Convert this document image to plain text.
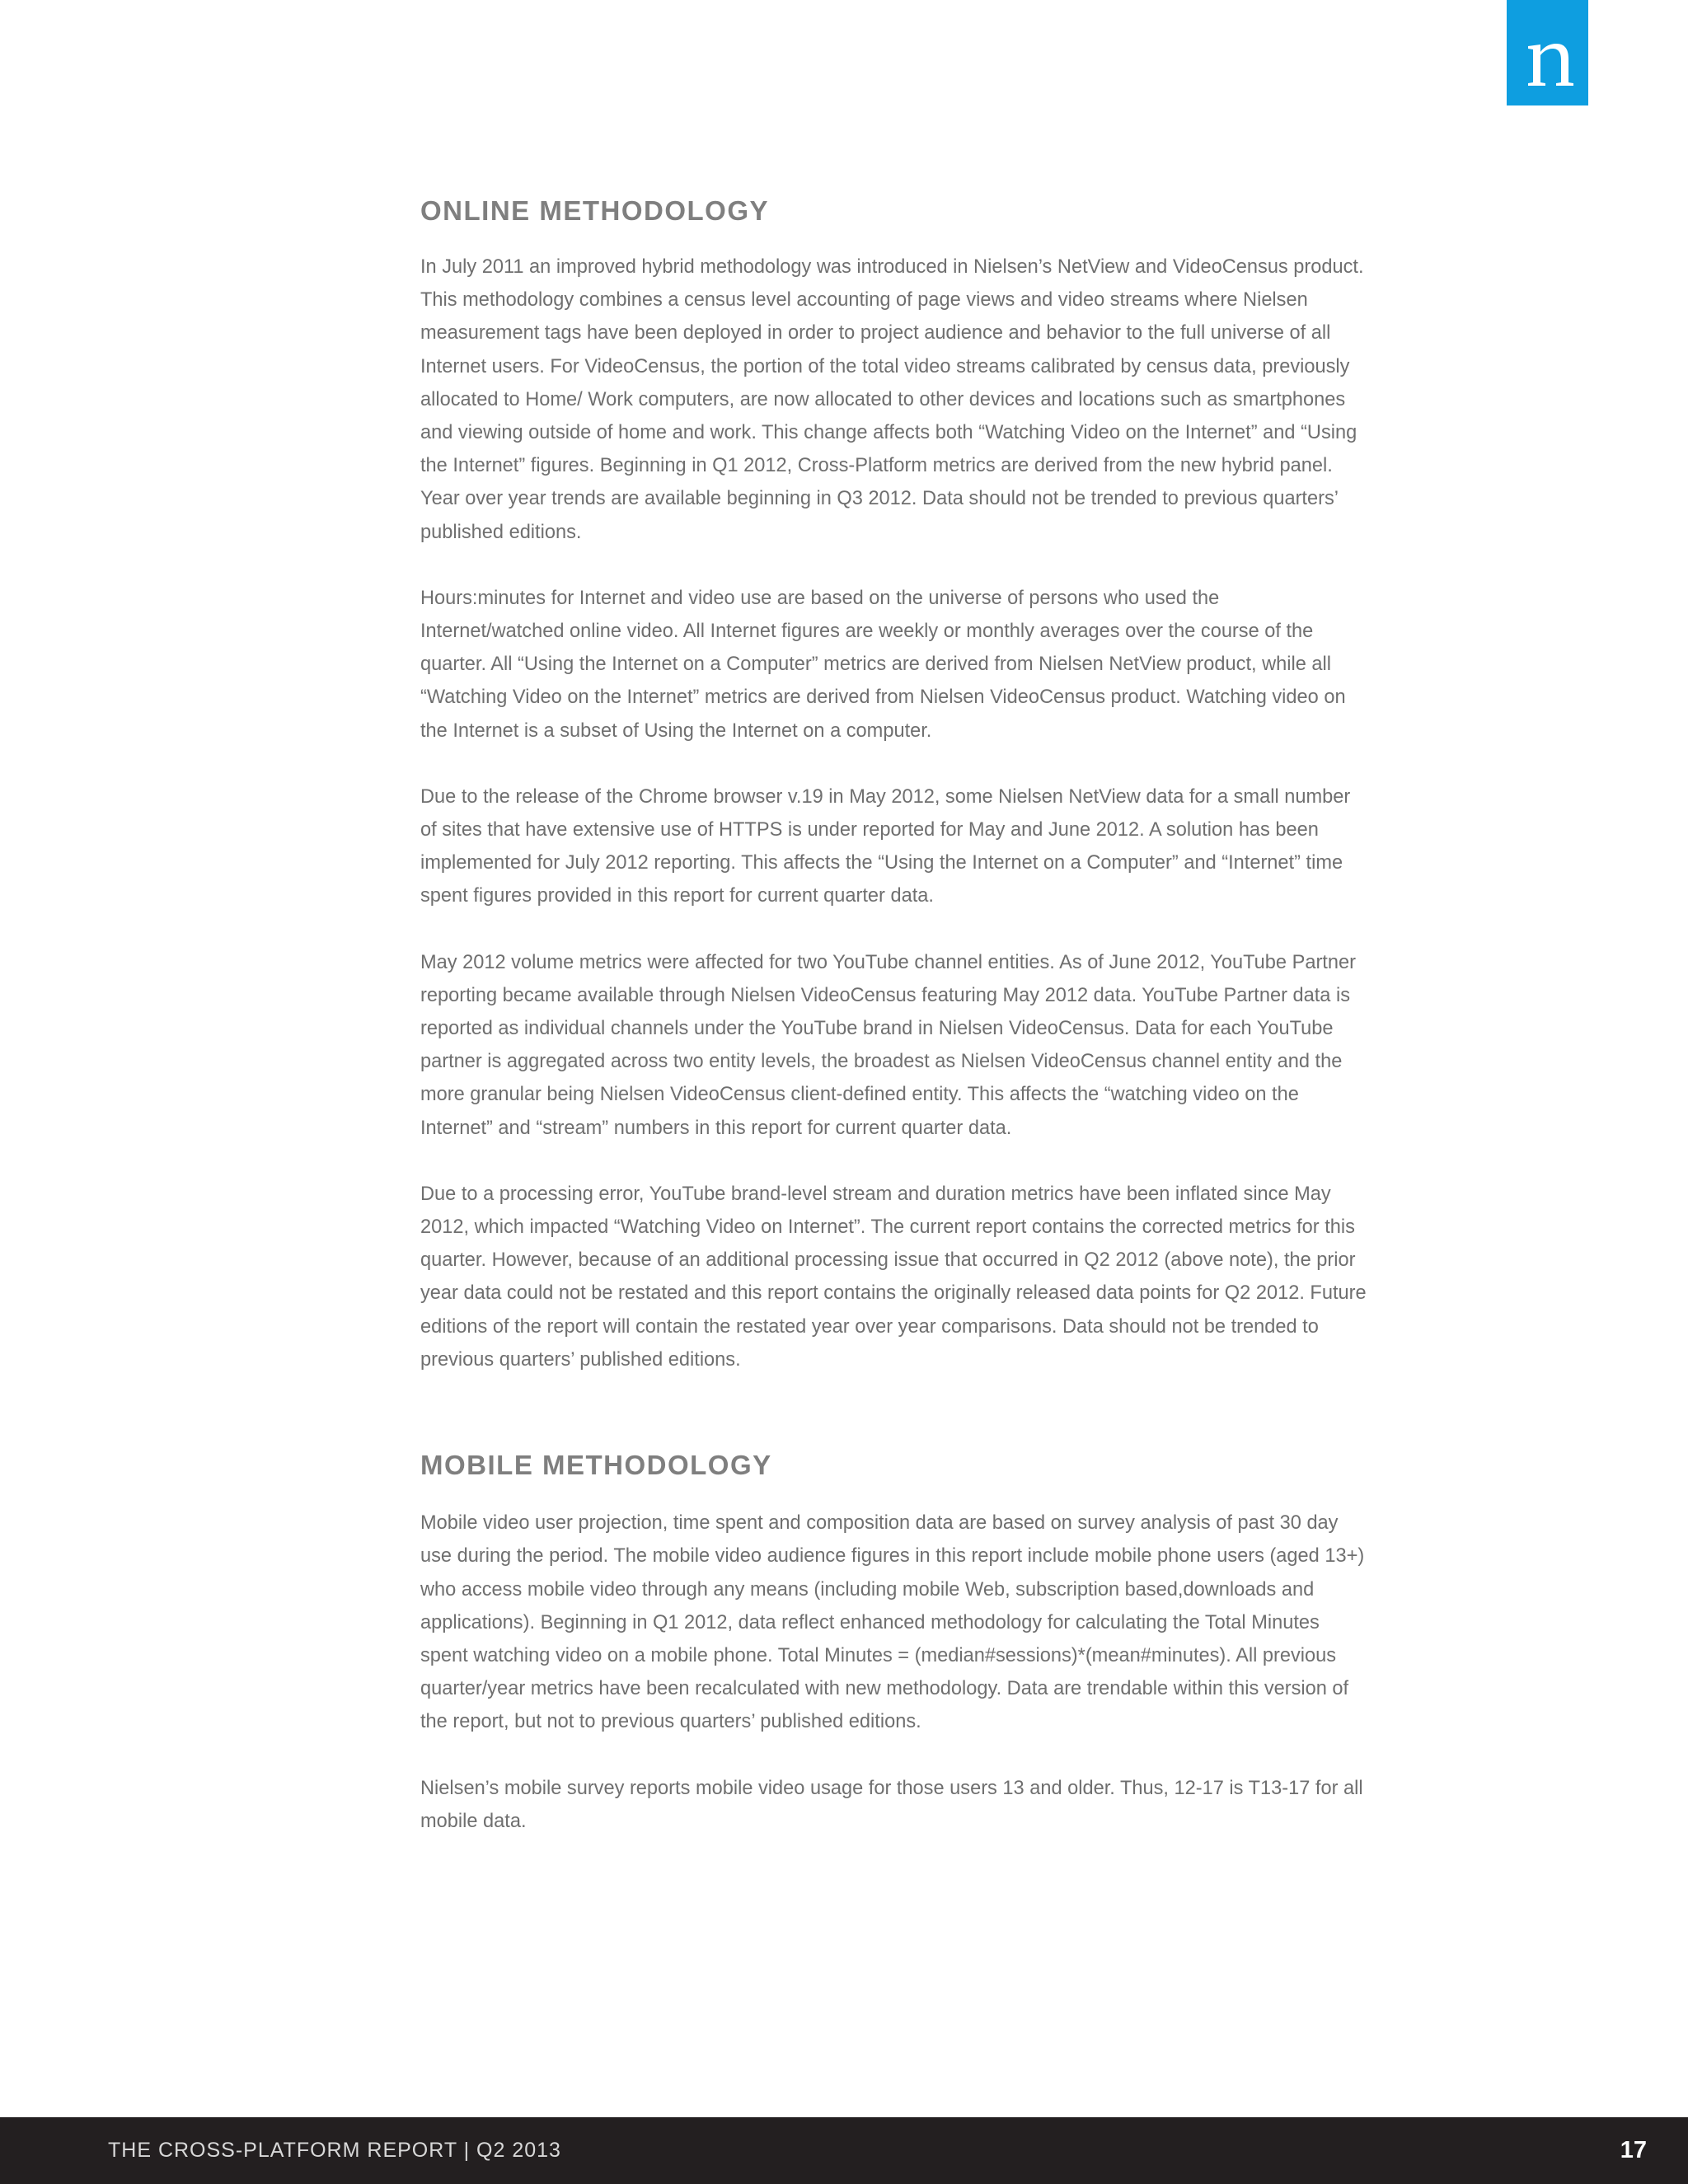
ONLINE METHODOLOGY

In July 2011 an improved hybrid methodology was introduced in Nielsen’s NetView and VideoCensus product. This methodology combines a census level accounting of page views and video streams where Nielsen measurement tags have been deployed in order to project audience and behavior to the full universe of all Internet users. For VideoCensus, the portion of the total video streams calibrated by census data, previously allocated to Home/ Work computers, are now allocated to other devices and locations such as smartphones and viewing outside of home and work. This change affects both “Watching Video on the Internet” and “Using the Internet” figures. Beginning in Q1 2012, Cross-Platform metrics are derived from the new hybrid panel. Year over year trends are available beginning in Q3 2012. Data should not be trended to previous quarters’ published editions.

Hours:minutes for Internet and video use are based on the universe of persons who used the Internet/watched online video. All Internet figures are weekly or monthly averages over the course of the quarter. All “Using the Internet on a Computer” metrics are derived from Nielsen NetView product, while all “Watching Video on the Internet” metrics are derived from Nielsen VideoCensus product. Watching video on the Internet is a subset of Using the Internet on a computer.

Due to the release of the Chrome browser v.19 in May 2012, some Nielsen NetView data for a small number of sites that have extensive use of HTTPS is under reported for May and June 2012. A solution has been implemented for July 2012 reporting. This affects the “Using the Internet on a Computer” and “Internet” time spent figures provided in this report for current quarter data.

May 2012 volume metrics were affected for two YouTube channel entities. As of June 2012, YouTube Partner reporting became available through Nielsen VideoCensus featuring May 2012 data. YouTube Partner data is reported as individual channels under the YouTube brand in Nielsen VideoCensus. Data for each YouTube partner is aggregated across two entity levels, the broadest as Nielsen VideoCensus channel entity and the more granular being Nielsen VideoCensus client-defined entity. This affects the “watching video on the Internet” and “stream” numbers in this report for current quarter data.

Due to a processing error, YouTube brand-level stream and duration metrics have been inflated since May 2012, which impacted “Watching Video on Internet”. The current report contains the corrected metrics for this quarter. However, because of an additional processing issue that occurred in Q2 2012 (above note), the prior year data could not be restated and this report contains the originally released data points for Q2 2012. Future editions of the report will contain the restated year over year comparisons. Data should not be trended to previous quarters’ published editions.

MOBILE METHODOLOGY

Mobile video user projection, time spent and composition data are based on survey analysis of past 30 day use during the period. The mobile video audience figures in this report include mobile phone users (aged 13+) who access mobile video through any means (including mobile Web, subscription based,downloads and applications). Beginning in Q1 2012, data reflect enhanced methodology for calculating the Total Minutes spent watching video on a mobile phone. Total Minutes = (median#sessions)*(mean#minutes). All previous quarter/year metrics have been recalculated with new methodology. Data are trendable within this version of the report, but not to previous quarters’ published editions.

Nielsen’s mobile survey reports mobile video usage for those users 13 and older. Thus, 12-17 is T13-17 for all mobile data.

THE CROSS-PLATFORM REPORT | Q2 2013	17
